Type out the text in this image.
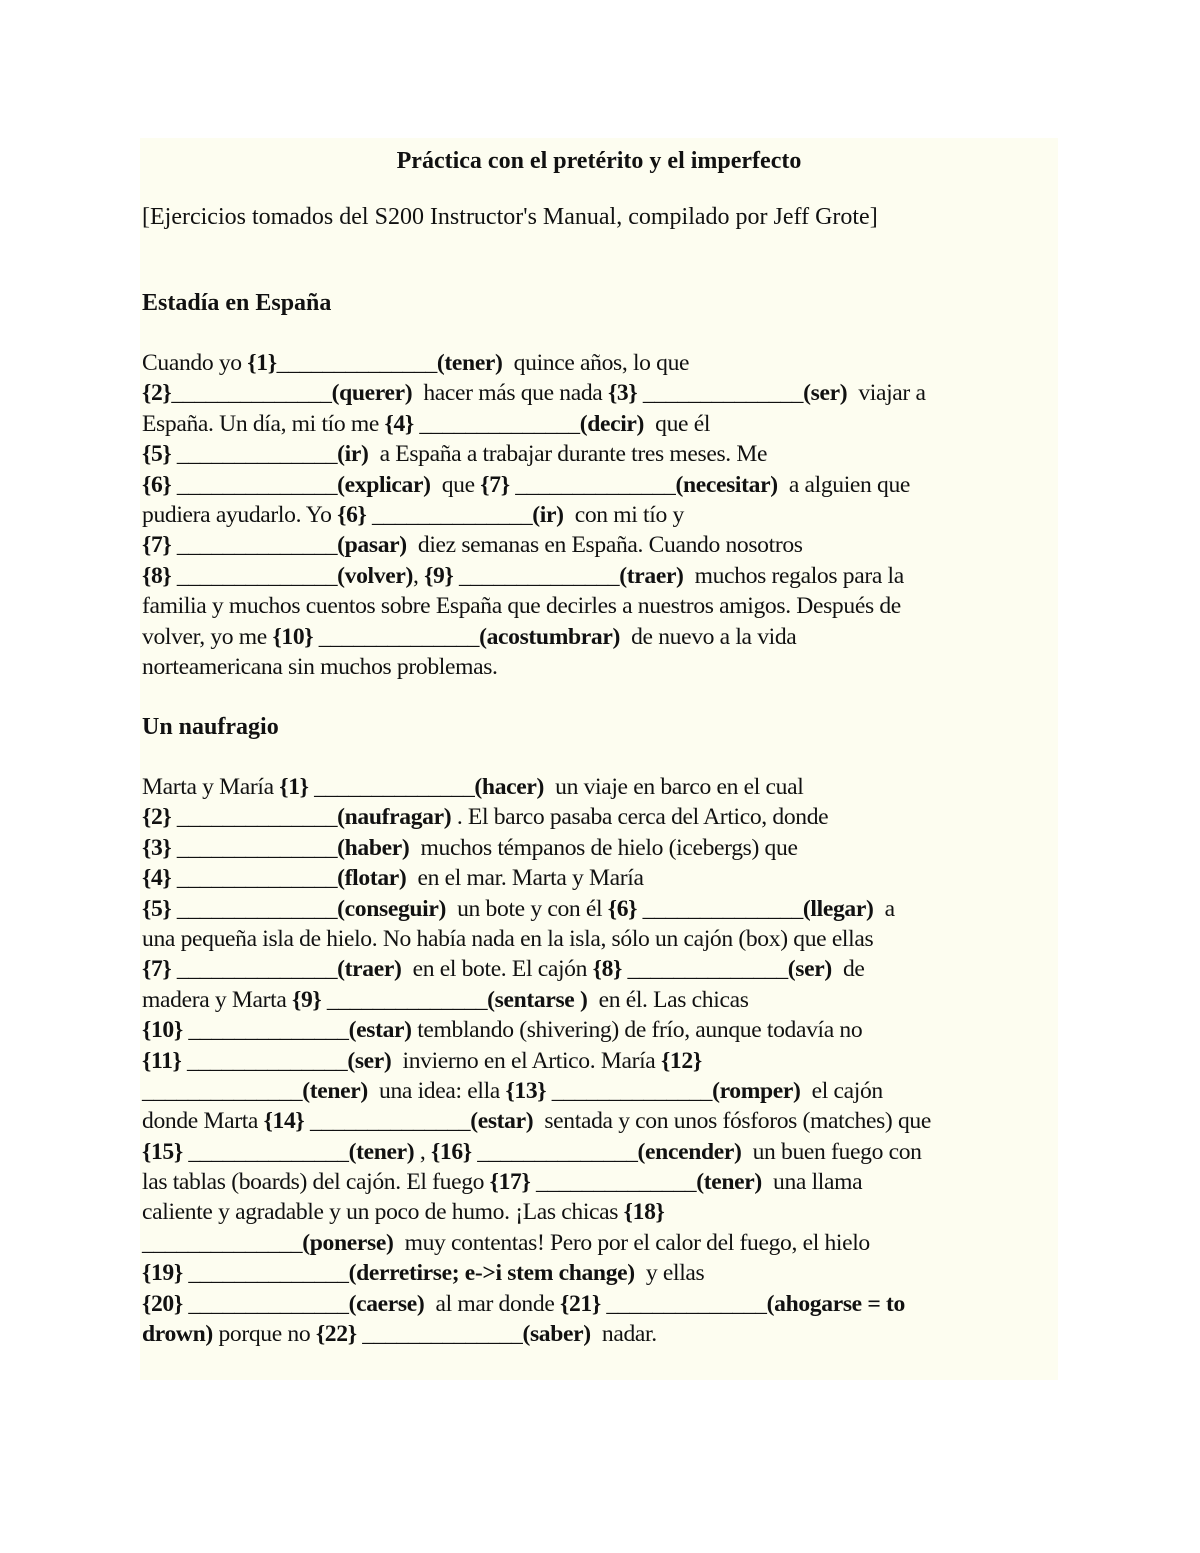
Práctica con el pretérito y el imperfecto
[Ejercicios tomados del S200 Instructor's Manual, compilado por Jeff Grote]
Estadía en España
Cuando yo {1}______________(tener)  quince años, lo que
{2}______________(querer)  hacer más que nada {3} ______________(ser)  viajar a
España. Un día, mi tío me {4} ______________(decir)  que él
{5} ______________(ir)  a España a trabajar durante tres meses. Me
{6} ______________(explicar)  que {7} ______________(necesitar)  a alguien que
pudiera ayudarlo. Yo {6} ______________(ir)  con mi tío y
{7} ______________(pasar)  diez semanas en España. Cuando nosotros
{8} ______________(volver), {9} ______________(traer)  muchos regalos para la
familia y muchos cuentos sobre España que decirles a nuestros amigos. Después de
volver, yo me {10} ______________(acostumbrar)  de nuevo a la vida
norteamericana sin muchos problemas.
Un naufragio
Marta y María {1} ______________(hacer)  un viaje en barco en el cual
{2} ______________(naufragar) . El barco pasaba cerca del Artico, donde
{3} ______________(haber)  muchos témpanos de hielo (icebergs) que
{4} ______________(flotar)  en el mar. Marta y María
{5} ______________(conseguir)  un bote y con él {6} ______________(llegar)  a
una pequeña isla de hielo. No había nada en la isla, sólo un cajón (box) que ellas
{7} ______________(traer)  en el bote. El cajón {8} ______________(ser)  de
madera y Marta {9} ______________(sentarse )  en él. Las chicas
{10} ______________(estar) temblando (shivering) de frío, aunque todavía no
{11} ______________(ser)  invierno en el Artico. María {12}
______________(tener)  una idea: ella {13} ______________(romper)  el cajón
donde Marta {14} ______________(estar)  sentada y con unos fósforos (matches) que
{15} ______________(tener) , {16} ______________(encender)  un buen fuego con
las tablas (boards) del cajón. El fuego {17} ______________(tener)  una llama
caliente y agradable y un poco de humo. ¡Las chicas {18}
______________(ponerse)  muy contentas! Pero por el calor del fuego, el hielo
{19} ______________(derretirse; e->i stem change)  y ellas
{20} ______________(caerse)  al mar donde {21} ______________(ahogarse = to
drown) porque no {22} ______________(saber)  nadar.
